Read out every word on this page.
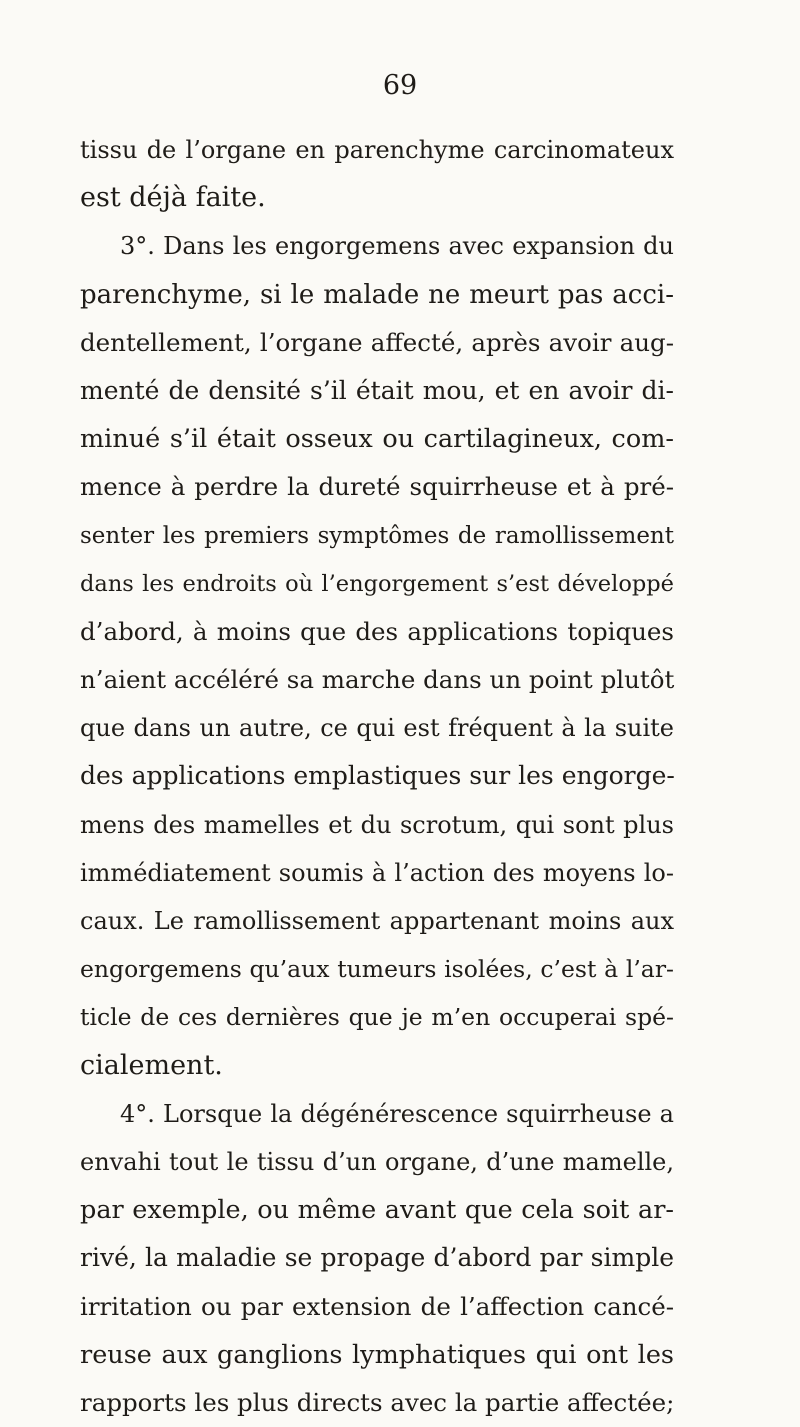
69
tissu de l’organe en parenchyme carcinomateux
est déjà faite.
3°. Dans les engorgemens avec expansion du
parenchyme, si le malade ne meurt pas acci-
dentellement, l’organe affecté, après avoir aug-
menté de densité s’il était mou, et en avoir di-
minué s’il était osseux ou cartilagineux, com-
mence à perdre la dureté squirrheuse et à pré-
senter les premiers symptômes de ramollissement
dans les endroits où l’engorgement s’est développé
d’abord, à moins que des applications topiques
n’aient accéléré sa marche dans un point plutôt
que dans un autre, ce qui est fréquent à la suite
des applications emplastiques sur les engorge-
mens des mamelles et du scrotum, qui sont plus
immédiatement soumis à l’action des moyens lo-
caux. Le ramollissement appartenant moins aux
engorgemens qu’aux tumeurs isolées, c’est à l’ar-
ticle de ces dernières que je m’en occuperai spé-
cialement.
4°. Lorsque la dégénérescence squirrheuse a
envahi tout le tissu d’un organe, d’une mamelle,
par exemple, ou même avant que cela soit ar-
rivé, la maladie se propage d’abord par simple
irritation ou par extension de l’affection cancé-
reuse aux ganglions lymphatiques qui ont les
rapports les plus directs avec la partie affectée;
